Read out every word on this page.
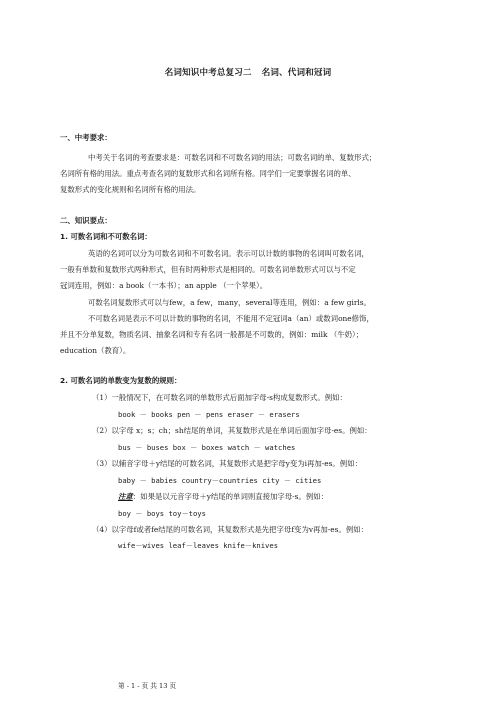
名词知识中考总复习二 名词、代词和冠词
一、中考要求：
中考关于名词的考查要求是：可数名词和不可数名词的用法；可数名词的单、复数形式；
名词所有格的用法。重点考查名词的复数形式和名词所有格。同学们一定要掌握名词的单、
复数形式的变化规则和名词所有格的用法。
二、知识要点：
1. 可数名词和不可数名词：
英语的名词可以分为可数名词和不可数名词。表示可以计数的事物的名词叫可数名词，
一般有单数和复数形式两种形式，但有时两种形式是相同的。可数名词单数形式可以与不定
冠词连用，例如：a book（一本书）；an apple （一个苹果）。
可数名词复数形式可以与few，a few，many，several等连用，例如：a few girls。
不可数名词是表示不可以计数的事物的名词，不能用不定冠词a（an）或数词one修饰，
并且不分单复数，物质名词、抽象名词和专有名词一般都是不可数的，例如：milk （牛奶）；
education（教育）。
2. 可数名词的单数变为复数的规则：
（1）一般情况下，在可数名词的单数形式后面加字母-s构成复数形式。例如：
book － books pen － pens eraser － erasers
（2）以字母 x；s；ch；sh结尾的单词，其复数形式是在单词后面加字母-es。例如：
bus － buses box － boxes watch － watches
（3）以辅音字母＋y结尾的可数名词，其复数形式是把字母y变为i再加-es。例如：
baby － babies country－countries city － cities
注意：如果是以元音字母＋y结尾的单词则直接加字母-s。例如：
boy － boys toy－toys
（4）以字母f或者fe结尾的可数名词，其复数形式是先把字母f变为v再加-es。例如：
wife－wives leaf－leaves knife－knives
第 - 1 - 页 共 13 页
